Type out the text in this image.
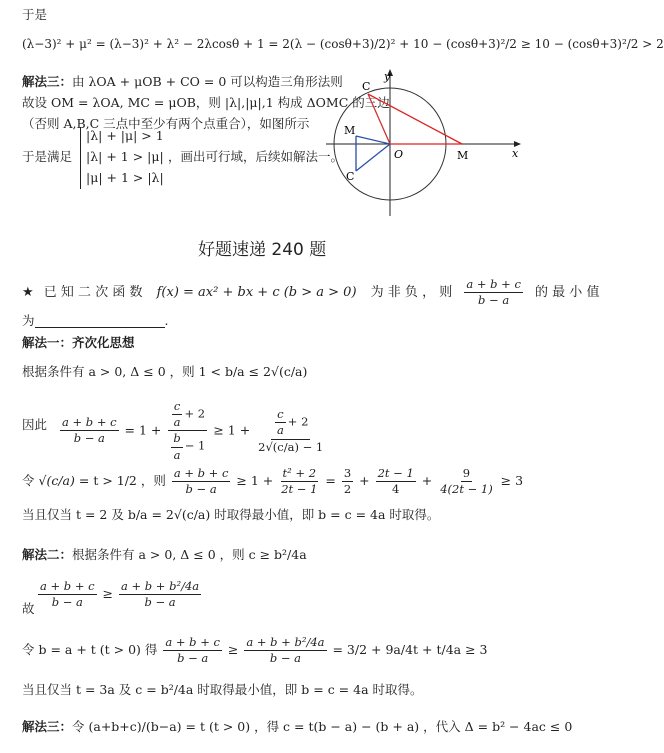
于是
(λ−3)² + μ² = (λ−3)² + λ² − 2λcosθ + 1 = 2(λ − (cosθ+3)/2)² + 10 − (cosθ+3)²/2 ≥ 10 − (cosθ+3)²/2 > 2
解法三：由 λOA + μOB + CO = 0 可以构造三角形法则
故设 OM = λOA, MC = μOB，则 |λ|,|μ|,1 构成 ΔOMC 的三边
（否则 A,B,C 三点中至少有两个点重合），如图所示
于是满足
|λ| + |μ| > 1
|λ| + 1 > |μ|
|μ| + 1 > |λ|
，画出可行域，后续如解法一。
y
x
O	M
M
C
C
好题速递 240 题
★ 已 知 二 次 函 数 f(x) = ax² + bx + c (b > a > 0) 为 非 负 ， 则 $\frac{a + b + c}{b - a}$ 的 最 小 值
为	.
解法一：齐次化思想
根据条件有 a > 0, Δ ≤ 0 ，则 1 < b/a ≤ 2√(c/a)
因此 $\frac{a + b + c}{b - a} = 1 + \frac{\frac{c}{a} + 2}{\frac{b}{a} - 1} \ge 1 + \frac{\frac{c}{a} + 2}{2√(c/a) - 1}$
令 √(c/a) = t > 1/2 ，则 $\frac{a + b + c}{b - a} \ge 1 + \frac{\text{t² + 2}}{2t - 1} = \frac{3}{2} + \frac{2t - 1}{4} + \frac{9}{4(2t - 1)} \ge 3$
当且仅当 t = 2 及 b/a = 2√(c/a) 时取得最小值，即 b = c = 4a 时取得。
解法二：根据条件有 a > 0, Δ ≤ 0 ，则 c ≥ b²/4a
故 $\frac{a + b + c}{b - a} \ge \frac{\text{a + b + b²/4a}}{b - a}$
令 b = a + t (t > 0) 得 $\frac{a + b + c}{b - a} \ge \frac{\text{a + b + b²/4a}}{b - a} = 3/2 + 9a/4t + t/4a \ge 3$
当且仅当 t = 3a 及 c = b²/4a 时取得最小值，即 b = c = 4a 时取得。
解法三：令 (a+b+c)/(b−a) = t (t > 0) ，得 c = t(b − a) − (b + a) ，代入 Δ = b² − 4ac ≤ 0
